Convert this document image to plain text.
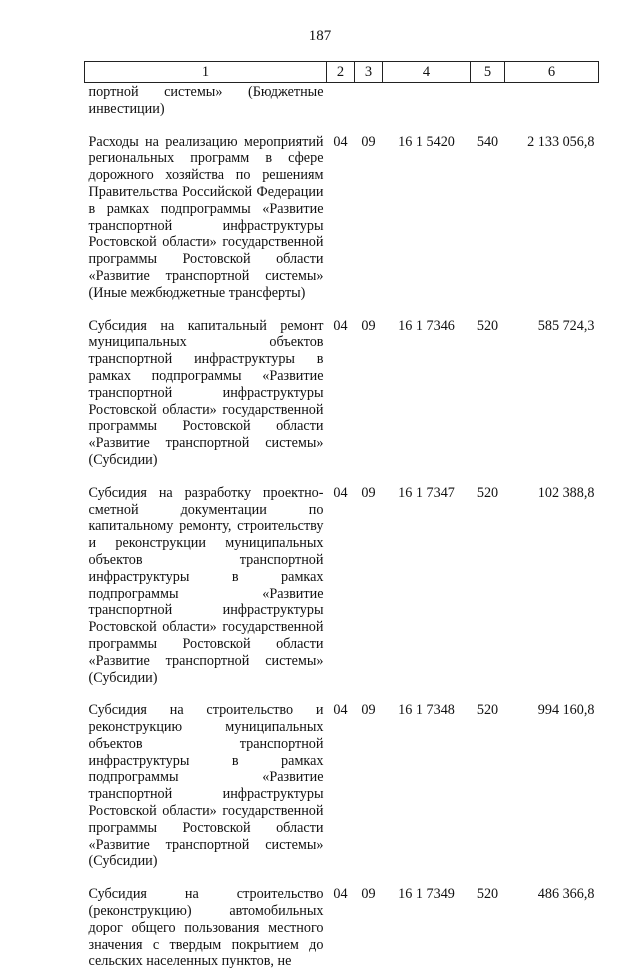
187
1	2	3	4	5	6
портной системы» (Бюджетные инвестиции)					

Расходы на реализацию мероприятий региональных программ в сфере дорожного хозяйства по решениям Правительства Российской Федерации в рамках подпрограммы «Развитие транспортной инфраструктуры Ростовской области» государственной программы Ростовской области «Развитие транспортной системы» (Иные межбюджетные трансферты)	04	09	16 1 5420	540	2 133 056,8

Субсидия на капитальный ремонт муниципальных объектов транспортной инфраструктуры в рамках подпрограммы «Развитие транспортной инфраструктуры Ростовской области» государственной программы Ростовской области «Развитие транспортной системы» (Субсидии)	04	09	16 1 7346	520	585 724,3

Субсидия на разработку проектно-сметной документации по капитальному ремонту, строительству и реконструкции муниципальных объектов транспортной инфраструктуры в рамках подпрограммы «Развитие транспортной инфраструктуры Ростовской области» государственной программы Ростовской области «Развитие транспортной системы» (Субсидии)	04	09	16 1 7347	520	102 388,8

Субсидия на строительство и реконструкцию муниципальных объектов транспортной инфраструктуры в рамках подпрограммы «Развитие транспортной инфраструктуры Ростовской области» государственной программы Ростовской области «Развитие транспортной системы» (Субсидии)	04	09	16 1 7348	520	994 160,8

Субсидия на строительство (реконструкцию) автомобильных дорог общего пользования местного значения с твердым покрытием до сельских населенных пунктов, не	04	09	16 1 7349	520	486 366,8
